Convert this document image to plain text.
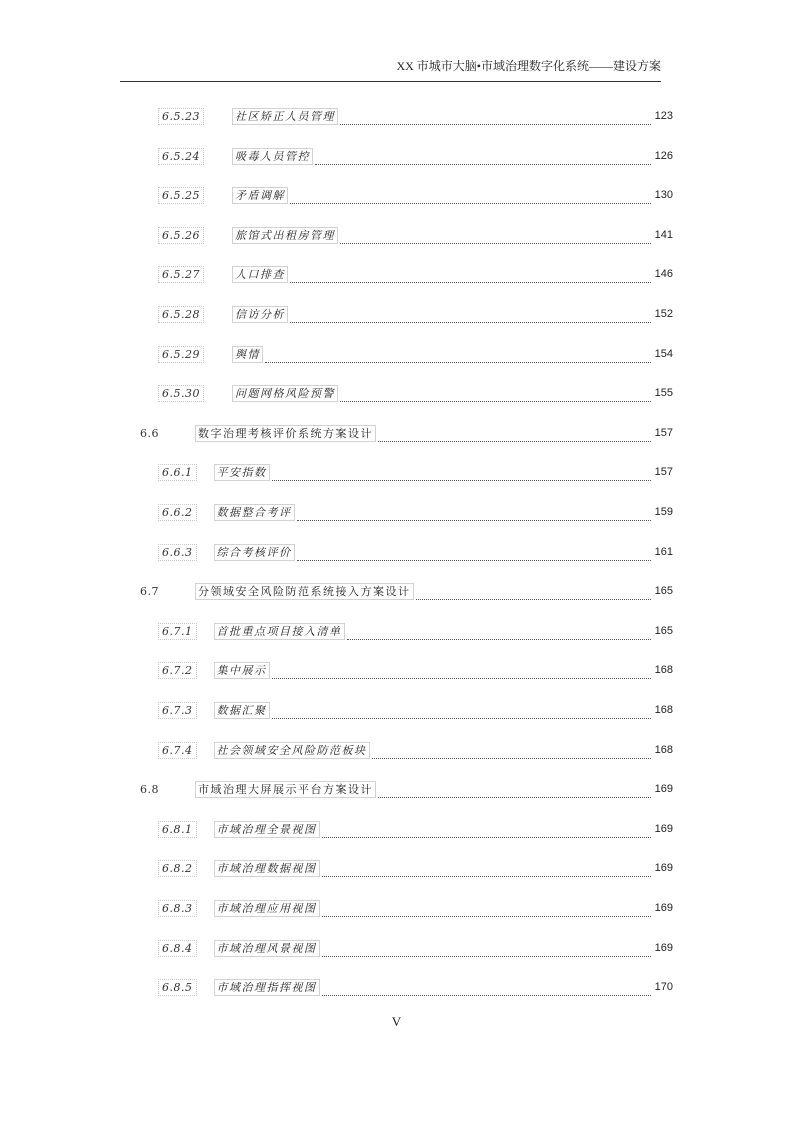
XX 市城市大脑•市域治理数字化系统——建设方案
6.5.23	社区矫正人员管理	123
6.5.24	吸毒人员管控	126
6.5.25	矛盾调解	130
6.5.26	旅馆式出租房管理	141
6.5.27	人口排查	146
6.5.28	信访分析	152
6.5.29	舆情	154
6.5.30	问题网格风险预警	155
6.6	数字治理考核评价系统方案设计	157
6.6.1	平安指数	157
6.6.2	数据整合考评	159
6.6.3	综合考核评价	161
6.7	分领域安全风险防范系统接入方案设计	165
6.7.1	首批重点项目接入清单	165
6.7.2	集中展示	168
6.7.3	数据汇聚	168
6.7.4	社会领域安全风险防范板块	168
6.8	市域治理大屏展示平台方案设计	169
6.8.1	市域治理全景视图	169
6.8.2	市域治理数据视图	169
6.8.3	市域治理应用视图	169
6.8.4	市域治理风景视图	169
6.8.5	市域治理指挥视图	170
V
